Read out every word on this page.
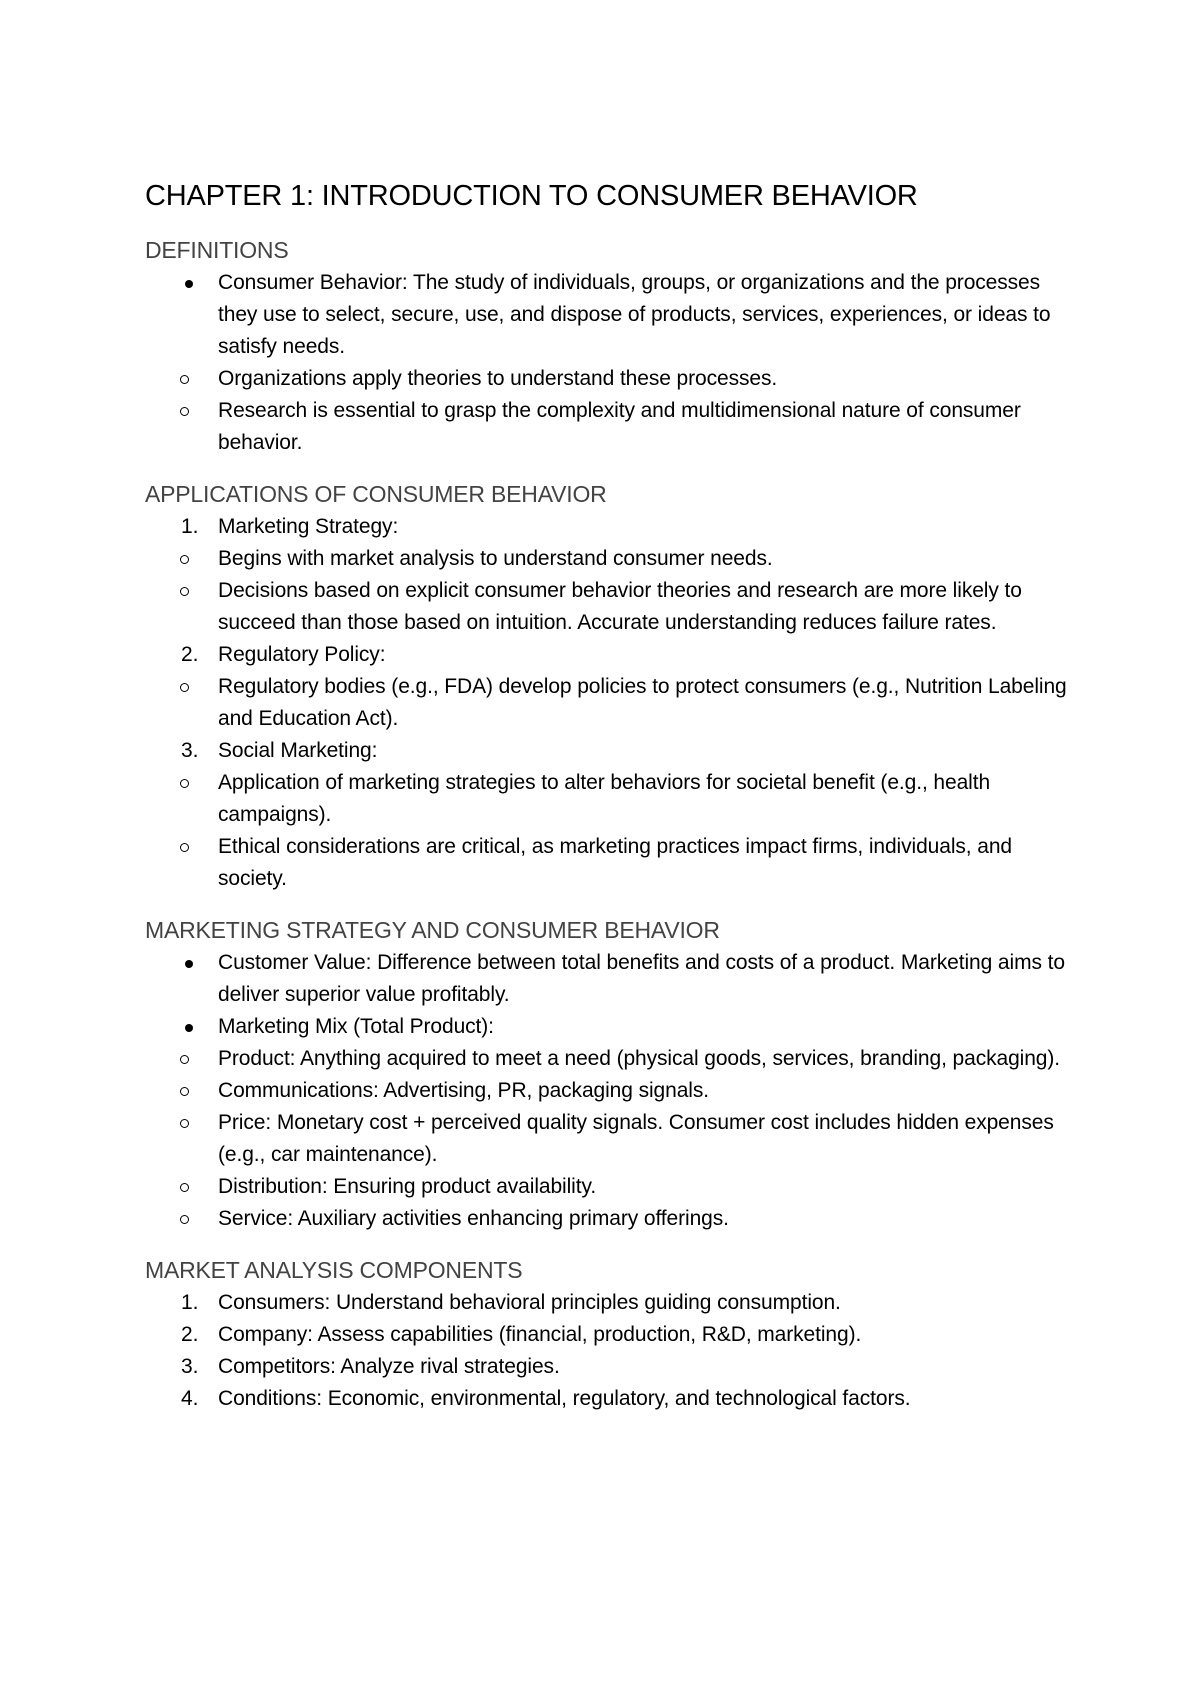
CHAPTER 1: INTRODUCTION TO CONSUMER BEHAVIOR
DEFINITIONS
Consumer Behavior: The study of individuals, groups, or organizations and the processes they use to select, secure, use, and dispose of products, services, experiences, or ideas to satisfy needs.
Organizations apply theories to understand these processes.
Research is essential to grasp the complexity and multidimensional nature of consumer behavior.
APPLICATIONS OF CONSUMER BEHAVIOR
1. Marketing Strategy:
Begins with market analysis to understand consumer needs.
Decisions based on explicit consumer behavior theories and research are more likely to succeed than those based on intuition. Accurate understanding reduces failure rates.
2. Regulatory Policy:
Regulatory bodies (e.g., FDA) develop policies to protect consumers (e.g., Nutrition Labeling and Education Act).
3. Social Marketing:
Application of marketing strategies to alter behaviors for societal benefit (e.g., health campaigns).
Ethical considerations are critical, as marketing practices impact firms, individuals, and society.
MARKETING STRATEGY AND CONSUMER BEHAVIOR
Customer Value: Difference between total benefits and costs of a product. Marketing aims to deliver superior value profitably.
Marketing Mix (Total Product):
Product: Anything acquired to meet a need (physical goods, services, branding, packaging).
Communications: Advertising, PR, packaging signals.
Price: Monetary cost + perceived quality signals. Consumer cost includes hidden expenses (e.g., car maintenance).
Distribution: Ensuring product availability.
Service: Auxiliary activities enhancing primary offerings.
MARKET ANALYSIS COMPONENTS
1. Consumers: Understand behavioral principles guiding consumption.
2. Company: Assess capabilities (financial, production, R&D, marketing).
3. Competitors: Analyze rival strategies.
4. Conditions: Economic, environmental, regulatory, and technological factors.
